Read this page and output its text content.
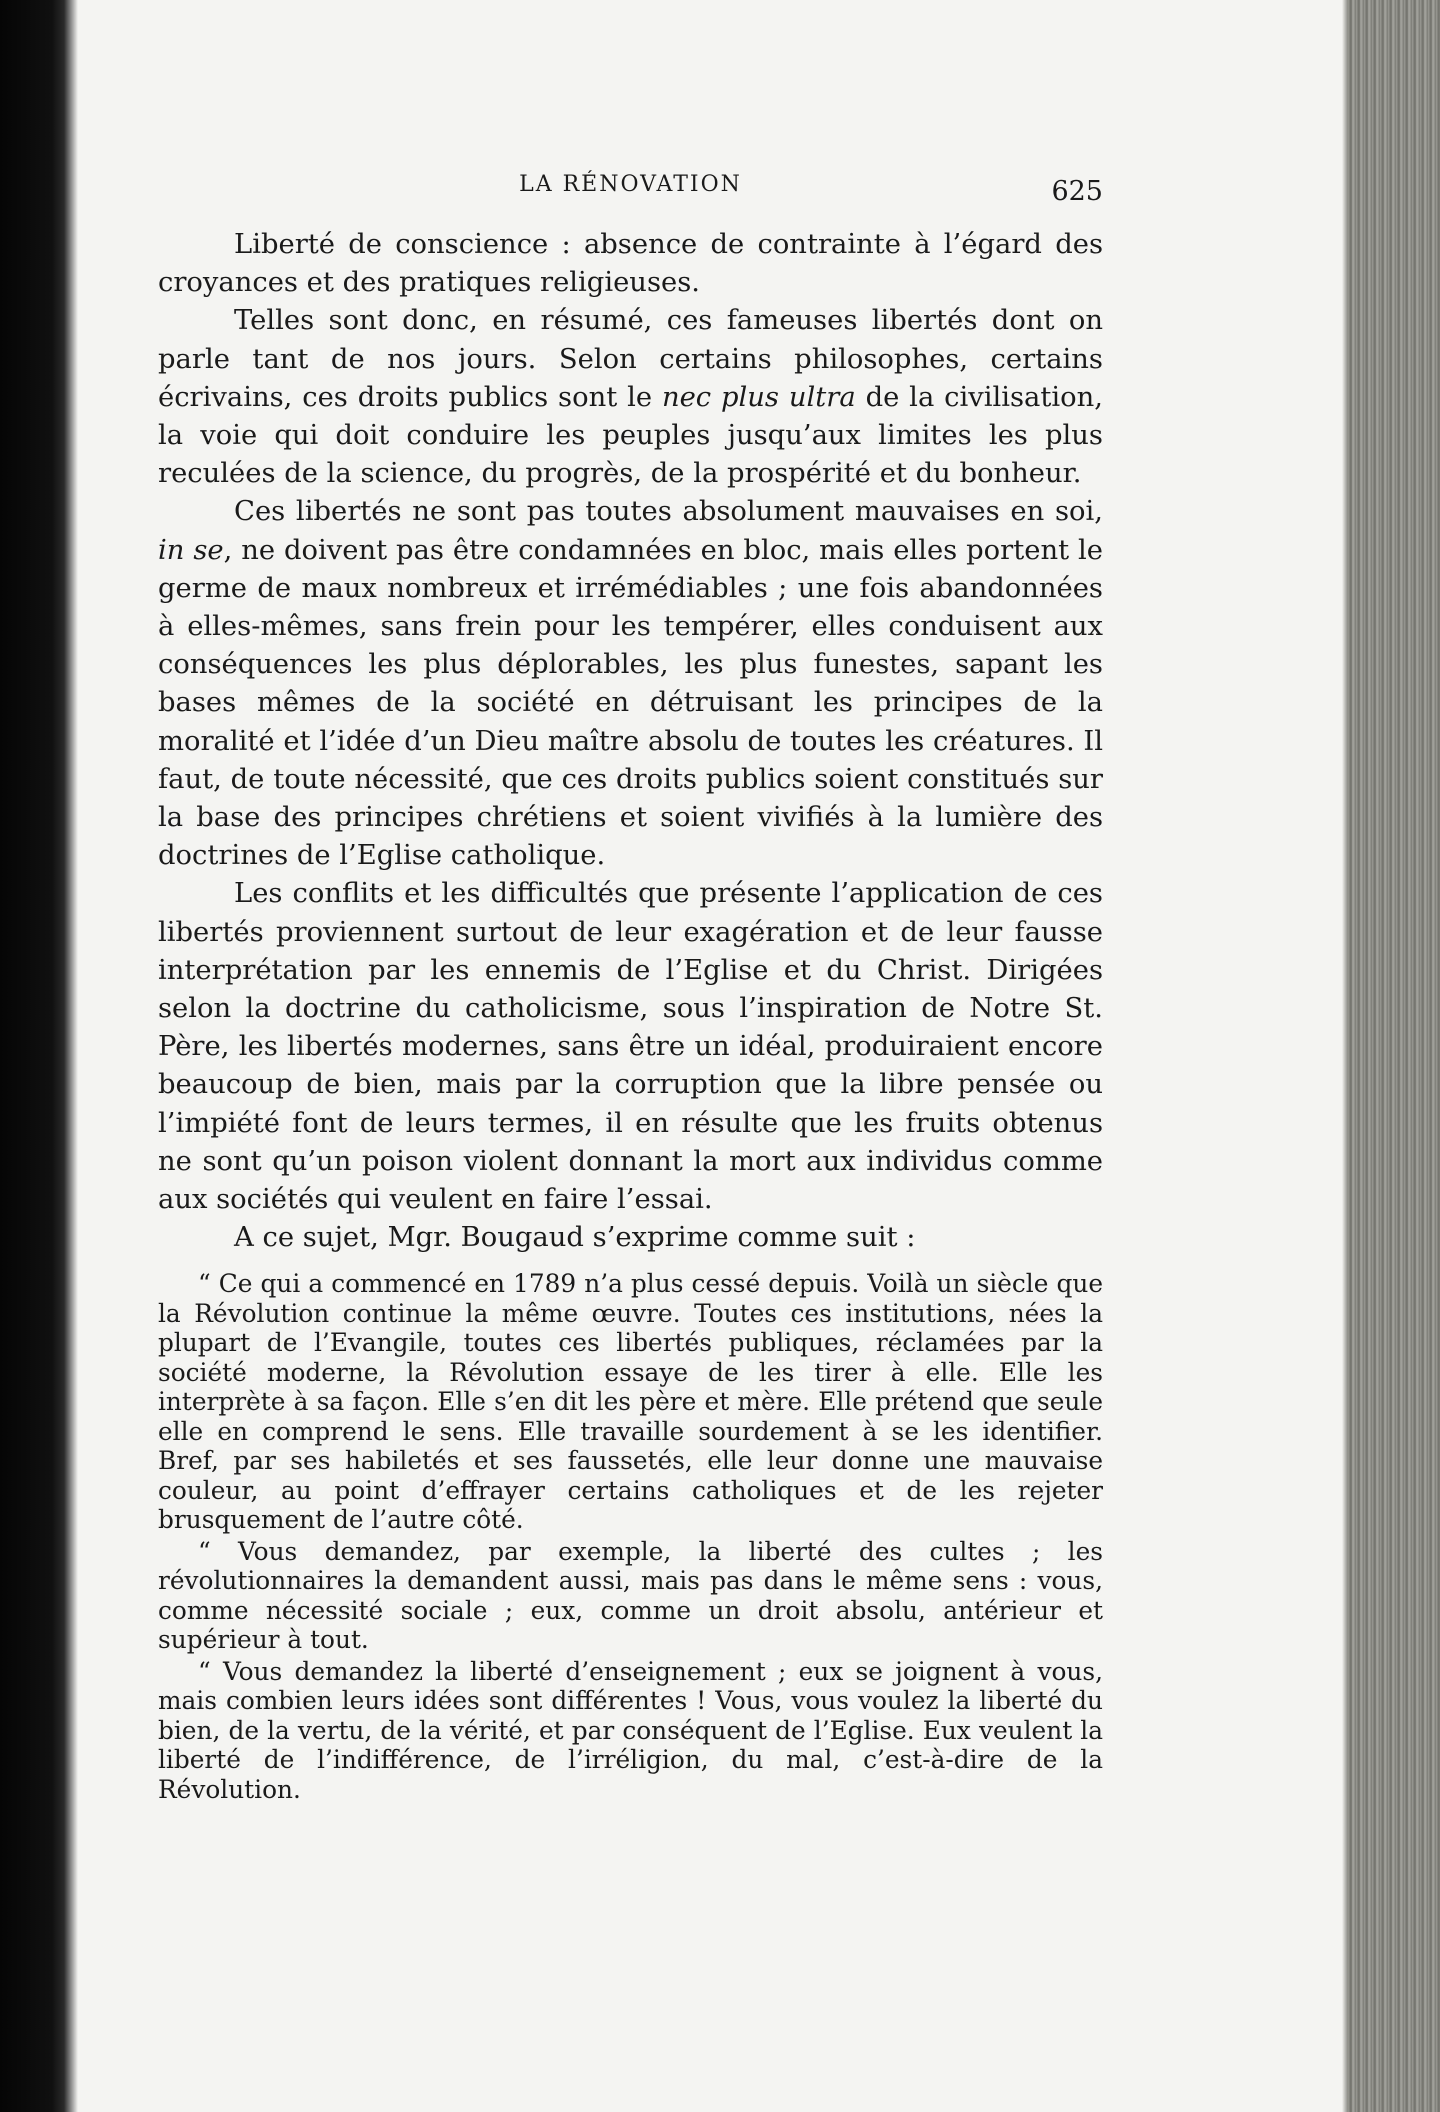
LA RÉNOVATION	625

Liberté de conscience : absence de contrainte à l’égard des croyances et des pratiques religieuses.

Telles sont donc, en résumé, ces fameuses libertés dont on parle tant de nos jours. Selon certains philosophes, certains écrivains, ces droits publics sont le nec plus ultra de la civilisation, la voie qui doit conduire les peuples jusqu’aux limites les plus reculées de la science, du progrès, de la prospérité et du bonheur.

Ces libertés ne sont pas toutes absolument mauvaises en soi, in se, ne doivent pas être condamnées en bloc, mais elles portent le germe de maux nombreux et irrémédiables ; une fois abandonnées à elles-mêmes, sans frein pour les tempérer, elles conduisent aux conséquences les plus déplorables, les plus funestes, sapant les bases mêmes de la société en détruisant les principes de la moralité et l’idée d’un Dieu maître absolu de toutes les créatures. Il faut, de toute nécessité, que ces droits publics soient constitués sur la base des principes chrétiens et soient vivifiés à la lumière des doctrines de l’Eglise catholique.

Les conflits et les difficultés que présente l’application de ces libertés proviennent surtout de leur exagération et de leur fausse interprétation par les ennemis de l’Eglise et du Christ. Dirigées selon la doctrine du catholicisme, sous l’inspiration de Notre St. Père, les libertés modernes, sans être un idéal, produiraient encore beaucoup de bien, mais par la corruption que la libre pensée ou l’impiété font de leurs termes, il en résulte que les fruits obtenus ne sont qu’un poison violent donnant la mort aux individus comme aux sociétés qui veulent en faire l’essai.

A ce sujet, Mgr. Bougaud s’exprime comme suit :

“ Ce qui a commencé en 1789 n’a plus cessé depuis. Voilà un siècle que la Révolution continue la même œuvre. Toutes ces institutions, nées la plupart de l’Evangile, toutes ces libertés publiques, réclamées par la société moderne, la Révolution essaye de les tirer à elle. Elle les interprète à sa façon. Elle s’en dit les père et mère. Elle prétend que seule elle en comprend le sens. Elle travaille sourdement à se les identifier. Bref, par ses habiletés et ses faussetés, elle leur donne une mauvaise couleur, au point d’effrayer certains catholiques et de les rejeter brusquement de l’autre côté.

“ Vous demandez, par exemple, la liberté des cultes ; les révolutionnaires la demandent aussi, mais pas dans le même sens : vous, comme nécessité sociale ; eux, comme un droit absolu, antérieur et supérieur à tout.

“ Vous demandez la liberté d’enseignement ; eux se joignent à vous, mais combien leurs idées sont différentes ! Vous, vous voulez la liberté du bien, de la vertu, de la vérité, et par conséquent de l’Eglise. Eux veulent la liberté de l’indifférence, de l’irréligion, du mal, c’est-à-dire de la Révolution.
